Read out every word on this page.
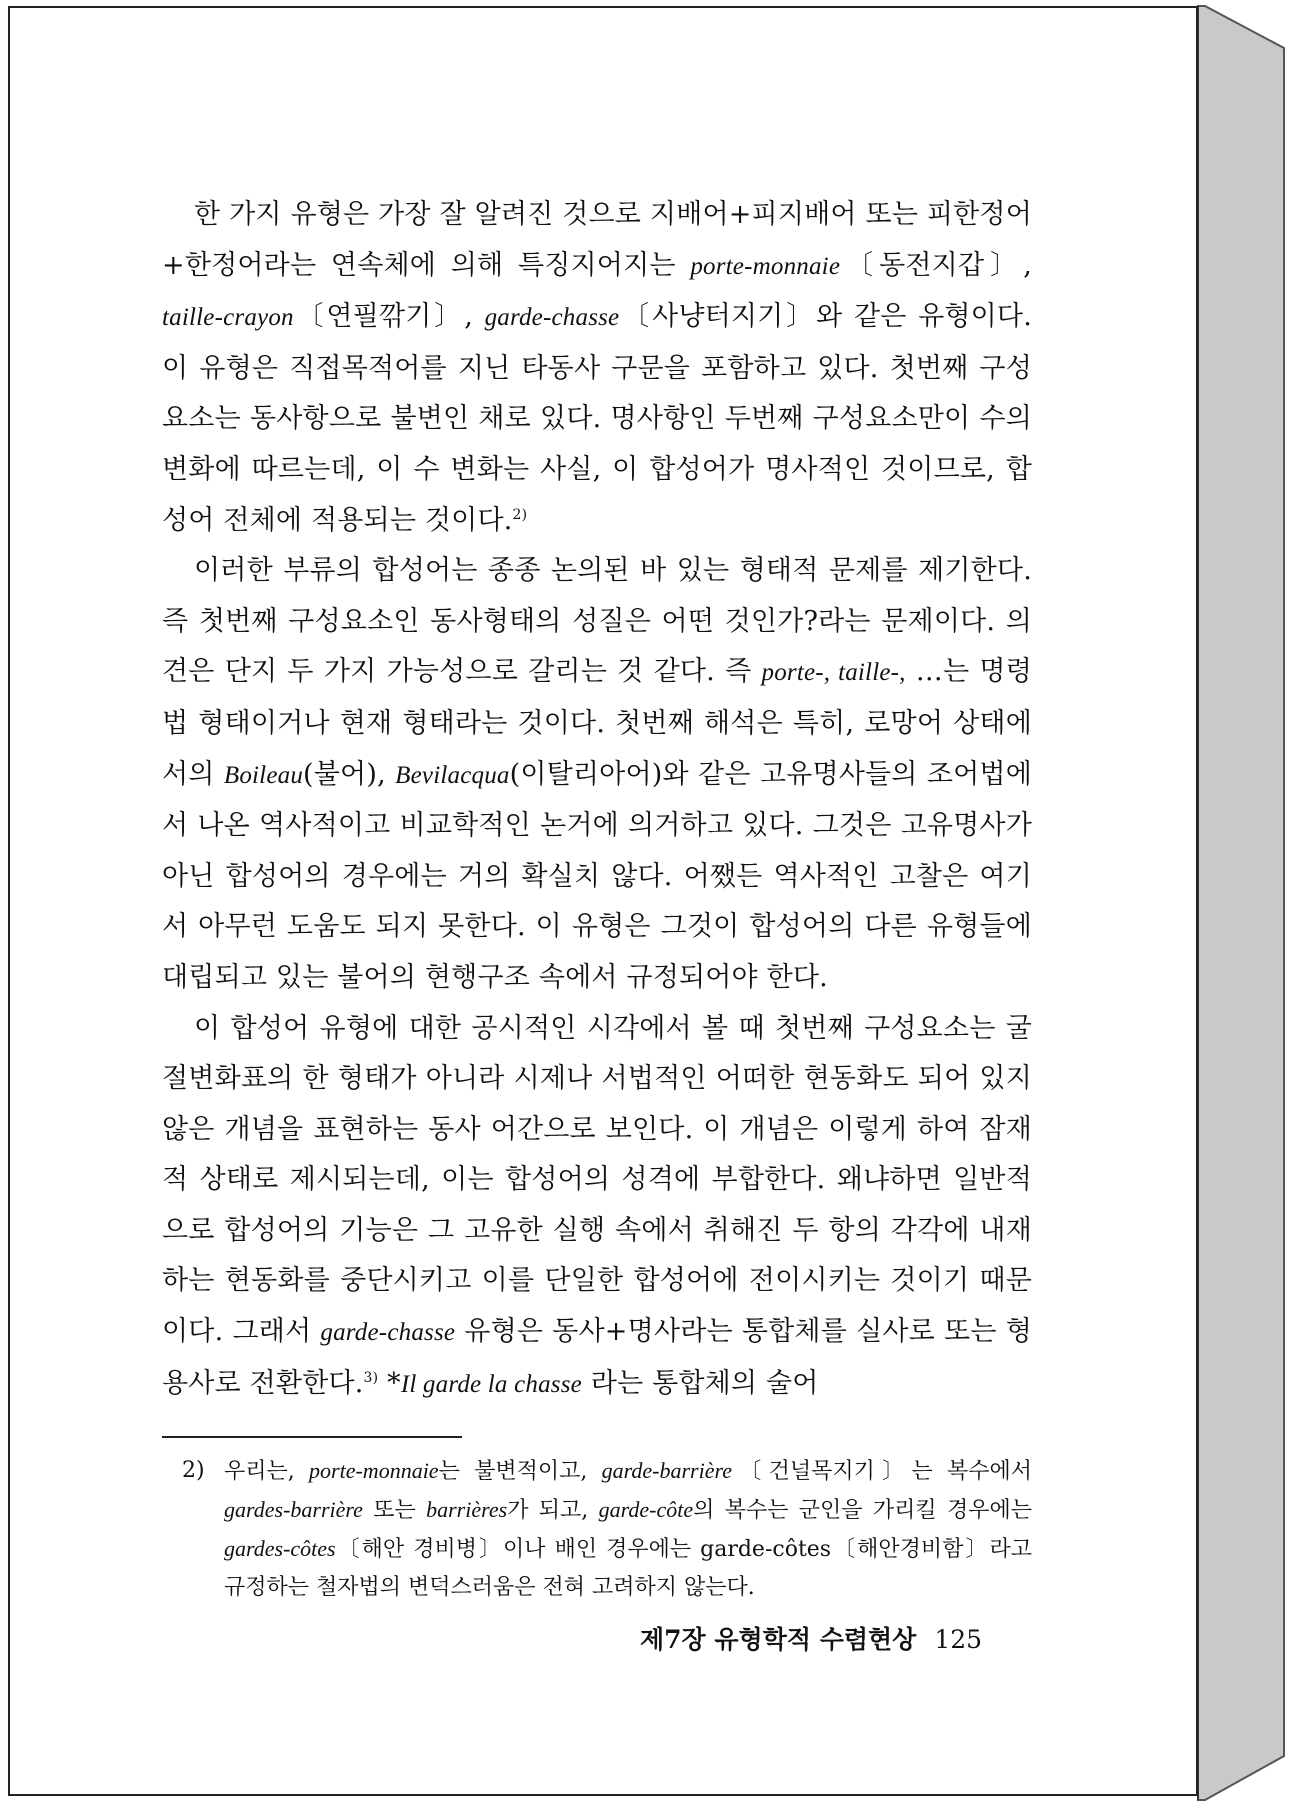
한 가지 유형은 가장 잘 알려진 것으로 지배어+피지배어 또는 피한정어+한정어라는 연속체에 의해 특징지어지는 porte-monnaie〔동전지갑〕, taille-crayon〔연필깎기〕, garde-chasse〔사냥터지기〕와 같은 유형이다. 이 유형은 직접목적어를 지닌 타동사 구문을 포함하고 있다. 첫번째 구성요소는 동사항으로 불변인 채로 있다. 명사항인 두번째 구성요소만이 수의 변화에 따르는데, 이 수 변화는 사실, 이 합성어가 명사적인 것이므로, 합성어 전체에 적용되는 것이다.$^{2)}$

이러한 부류의 합성어는 종종 논의된 바 있는 형태적 문제를 제기한다. 즉 첫번째 구성요소인 동사형태의 성질은 어떤 것인가?라는 문제이다. 의견은 단지 두 가지 가능성으로 갈리는 것 같다. 즉 porte-, taille-, …는 명령법 형태이거나 현재 형태라는 것이다. 첫번째 해석은 특히, 로망어 상태에서의 Boileau(불어), Bevilacqua(이탈리아어)와 같은 고유명사들의 조어법에서 나온 역사적이고 비교학적인 논거에 의거하고 있다. 그것은 고유명사가 아닌 합성어의 경우에는 거의 확실치 않다. 어쨌든 역사적인 고찰은 여기서 아무런 도움도 되지 못한다. 이 유형은 그것이 합성어의 다른 유형들에 대립되고 있는 불어의 현행구조 속에서 규정되어야 한다.

이 합성어 유형에 대한 공시적인 시각에서 볼 때 첫번째 구성요소는 굴절변화표의 한 형태가 아니라 시제나 서법적인 어떠한 현동화도 되어 있지 않은 개념을 표현하는 동사 어간으로 보인다. 이 개념은 이렇게 하여 잠재적 상태로 제시되는데, 이는 합성어의 성격에 부합한다. 왜냐하면 일반적으로 합성어의 기능은 그 고유한 실행 속에서 취해진 두 항의 각각에 내재하는 현동화를 중단시키고 이를 단일한 합성어에 전이시키는 것이기 때문이다. 그래서 garde-chasse 유형은 동사+명사라는 통합체를 실사로 또는 형용사로 전환한다.$^{3)}$ *Il garde la chasse 라는 통합체의 술어

2) 우리는, porte-monnaie는 불변적이고, garde-barrière〔건널목지기〕는 복수에서 gardes-barrière 또는 barrières가 되고, garde-côte의 복수는 군인을 가리킬 경우에는 gardes-côtes〔해안 경비병〕이나 배인 경우에는 garde-côtes〔해안경비함〕라고 규정하는 철자법의 변덕스러움은 전혀 고려하지 않는다.
제7장 유형학적 수렴현상 125
